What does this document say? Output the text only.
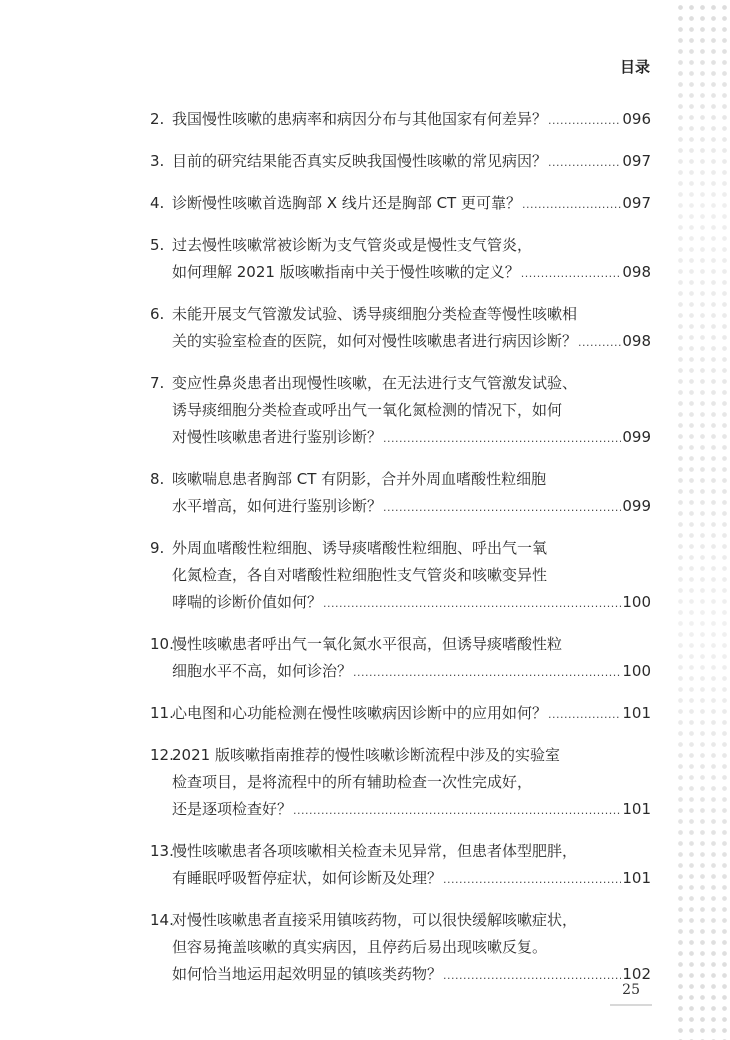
目录
2. 我国慢性咳嗽的患病率和病因分布与其他国家有何差异？ .....	096
3. 目前的研究结果能否真实反映我国慢性咳嗽的常见病因？ .....	097
4. 诊断慢性咳嗽首选胸部 X 线片还是胸部 CT 更可靠？ .....	097
5. 过去慢性咳嗽常被诊断为支气管炎或是慢性支气管炎，
如何理解 2021 版咳嗽指南中关于慢性咳嗽的定义？ .....	098
6. 未能开展支气管激发试验、诱导痰细胞分类检查等慢性咳嗽相
关的实验室检查的医院，如何对慢性咳嗽患者进行病因诊断？ .....	098
7. 变应性鼻炎患者出现慢性咳嗽，在无法进行支气管激发试验、
诱导痰细胞分类检查或呼出气一氧化氮检测的情况下，如何
对慢性咳嗽患者进行鉴别诊断？ .....	099
8. 咳嗽喘息患者胸部 CT 有阴影，合并外周血嗜酸性粒细胞
水平增高，如何进行鉴别诊断？ .....	099
9. 外周血嗜酸性粒细胞、诱导痰嗜酸性粒细胞、呼出气一氧
化氮检查，各自对嗜酸性粒细胞性支气管炎和咳嗽变异性
哮喘的诊断价值如何？ .....	100
10.
慢性咳嗽患者呼出气一氧化氮水平很高，但诱导痰嗜酸性粒
细胞水平不高，如何诊治？ .....	100
11.
心电图和心功能检测在慢性咳嗽病因诊断中的应用如何？ .....	101
12.
2021 版咳嗽指南推荐的慢性咳嗽诊断流程中涉及的实验室
检查项目，是将流程中的所有辅助检查一次性完成好，
还是逐项检查好？ .....	101
13.
慢性咳嗽患者各项咳嗽相关检查未见异常，但患者体型肥胖，
有睡眠呼吸暂停症状，如何诊断及处理？ .....	101
14.
对慢性咳嗽患者直接采用镇咳药物，可以很快缓解咳嗽症状，
但容易掩盖咳嗽的真实病因，且停药后易出现咳嗽反复。
如何恰当地运用起效明显的镇咳类药物？ .....	102
25
